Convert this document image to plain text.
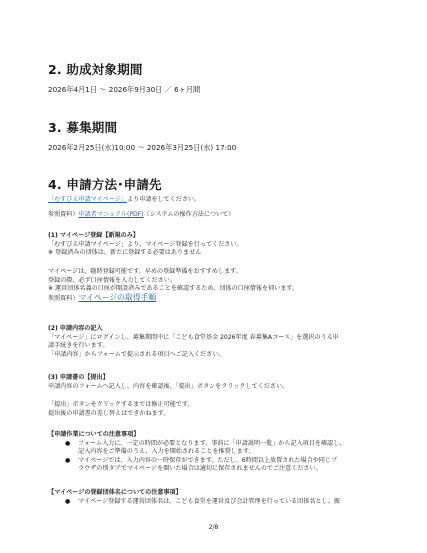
2. 助成対象期間
2026年4月1日 ～ 2026年9月30日 ／ 6ヶ月間
3. 募集期間
2026年2月25日(水)10:00 ～ 2026年3月25日(水) 17:00
4. 申請方法･申請先
「むすびえ申請マイページ」より申請をしてください。
参照資料）申請者マニュアル(PDF)（システムの操作方法について）
(1) マイページ登録【新規のみ】
「むすびえ申請マイページ」より、マイページ登録を行ってください。
※ 登録済みの団体は、新たに登録する必要はありません
マイページは、随時登録可能です。早めの登録準備をおすすめします。
登録の際、必ず口座情報を入力してください。
※ 運営団体名義の口座が開設済みであることを確認するため、団体の口座情報を伺います。
参照資料）マイページの取得手順
(2) 申請内容の記入
「マイページ」にログインし、募集期間中に「こども食堂基金 2026年度 春募集Aコース」を選択のうえ申
請手続きを行います。
「申請内容」からフォームで提示される項目へご記入ください。
(3) 申請書の【提出】
申請内容のフォームへ記入し、内容を確認後、「提出」ボタンをクリックしてください。
「提出」ボタンをクリックするまでは修正可能です。
提出後の申請書の差し替えはできかねます。
【申請作業についての注意事項】
● フォーム入力に、一定の時間が必要となります。事前に「申請説明一覧」から記入項目を確認し、
記入内容をご準備のうえ、入力を開始されることを推奨します。
● マイページでは、入力内容の一時保存ができます。ただし、6時間以上放置された場合や同じブ
ラウザの別タブでマイページを開いた場合は適切に保存されませんのでご注意ください。
【マイページの登録団体名についての注意事項】
● マイページ登録する運営団体名は、こども食堂を運営及び会計管理を行っている団体名とし、振
2/8
